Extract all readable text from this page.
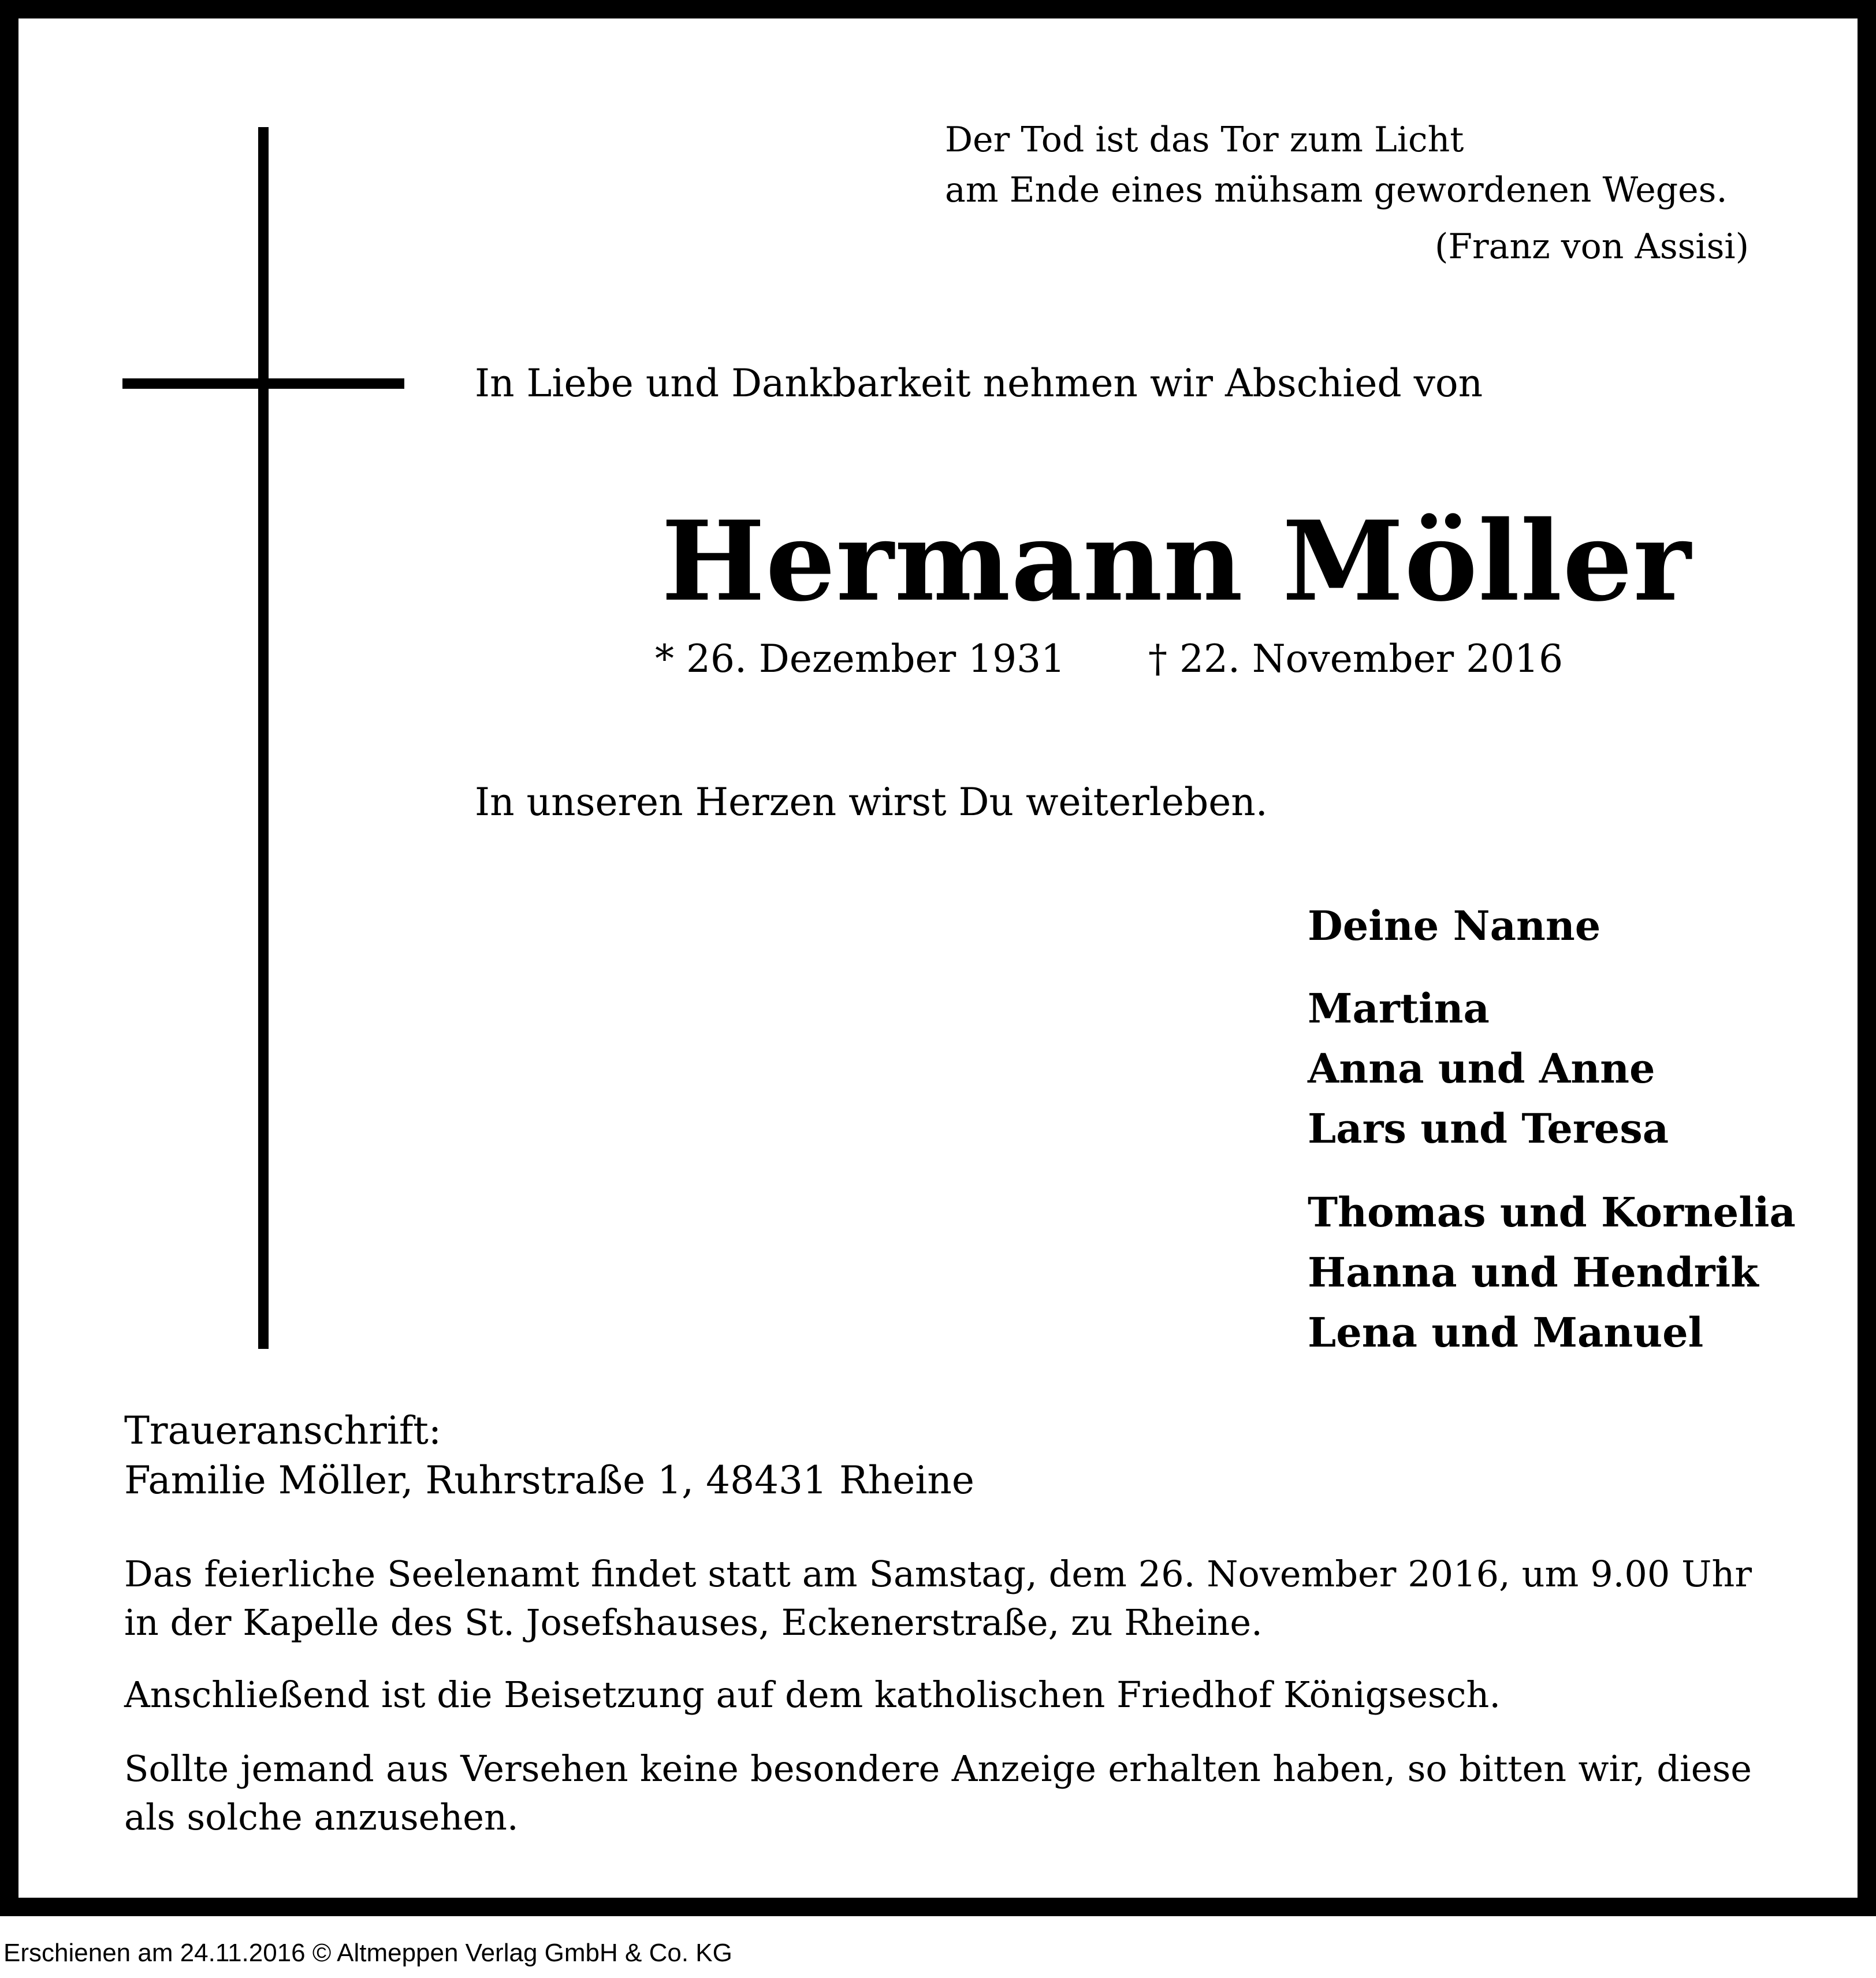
Der Tod ist das Tor zum Licht
am Ende eines mühsam gewordenen Weges.
(Franz von Assisi)
In Liebe und Dankbarkeit nehmen wir Abschied von
Hermann Möller
* 26. Dezember 1931 † 22. November 2016
In unseren Herzen wirst Du weiterleben.
Deine Nanne
Martina
Anna und Anne
Lars und Teresa
Thomas und Kornelia
Hanna und Hendrik
Lena und Manuel
Traueranschrift:
Familie Möller, Ruhrstraße 1, 48431 Rheine
Das feierliche Seelenamt findet statt am Samstag, dem 26. November 2016, um 9.00 Uhr in der Kapelle des St. Josefshauses, Eckenerstraße, zu Rheine.
Anschließend ist die Beisetzung auf dem katholischen Friedhof Königsesch.
Sollte jemand aus Versehen keine besondere Anzeige erhalten haben, so bitten wir, diese als solche anzusehen.
Erschienen am 24.11.2016 © Altmeppen Verlag GmbH & Co. KG
